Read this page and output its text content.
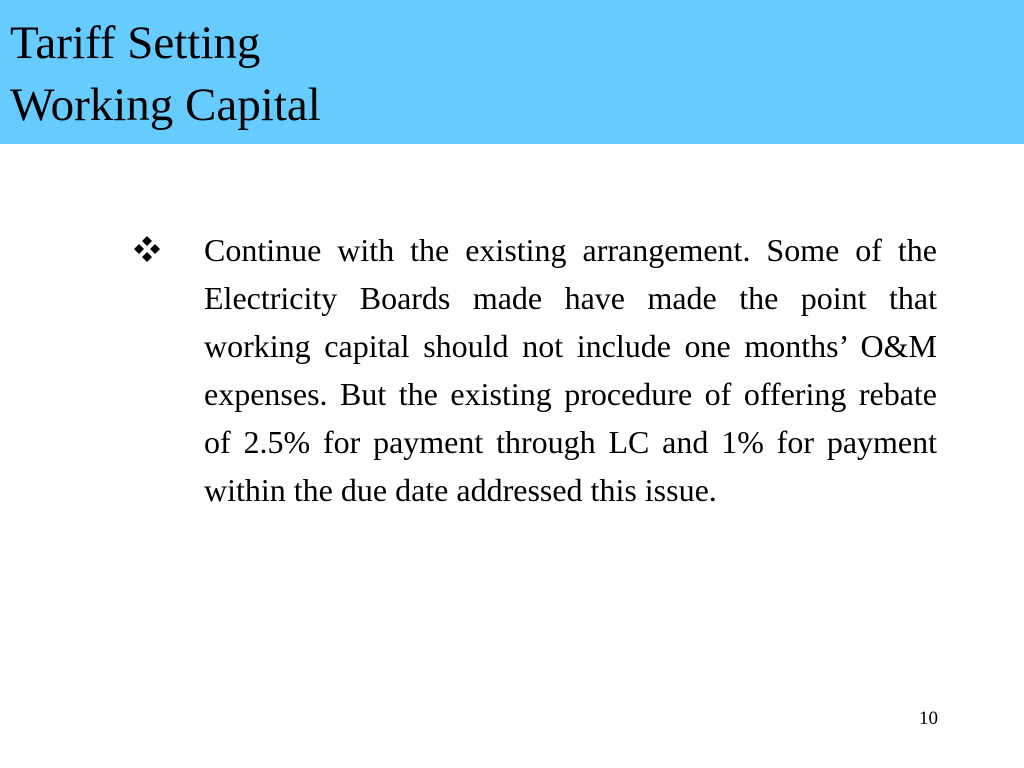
Tariff Setting
Working Capital
Continue with the existing arrangement. Some of the Electricity Boards made have made the point that working capital should not include one months’ O&M expenses. But the existing procedure of offering rebate of 2.5% for payment through LC and 1% for payment within the due date addressed this issue.
10
